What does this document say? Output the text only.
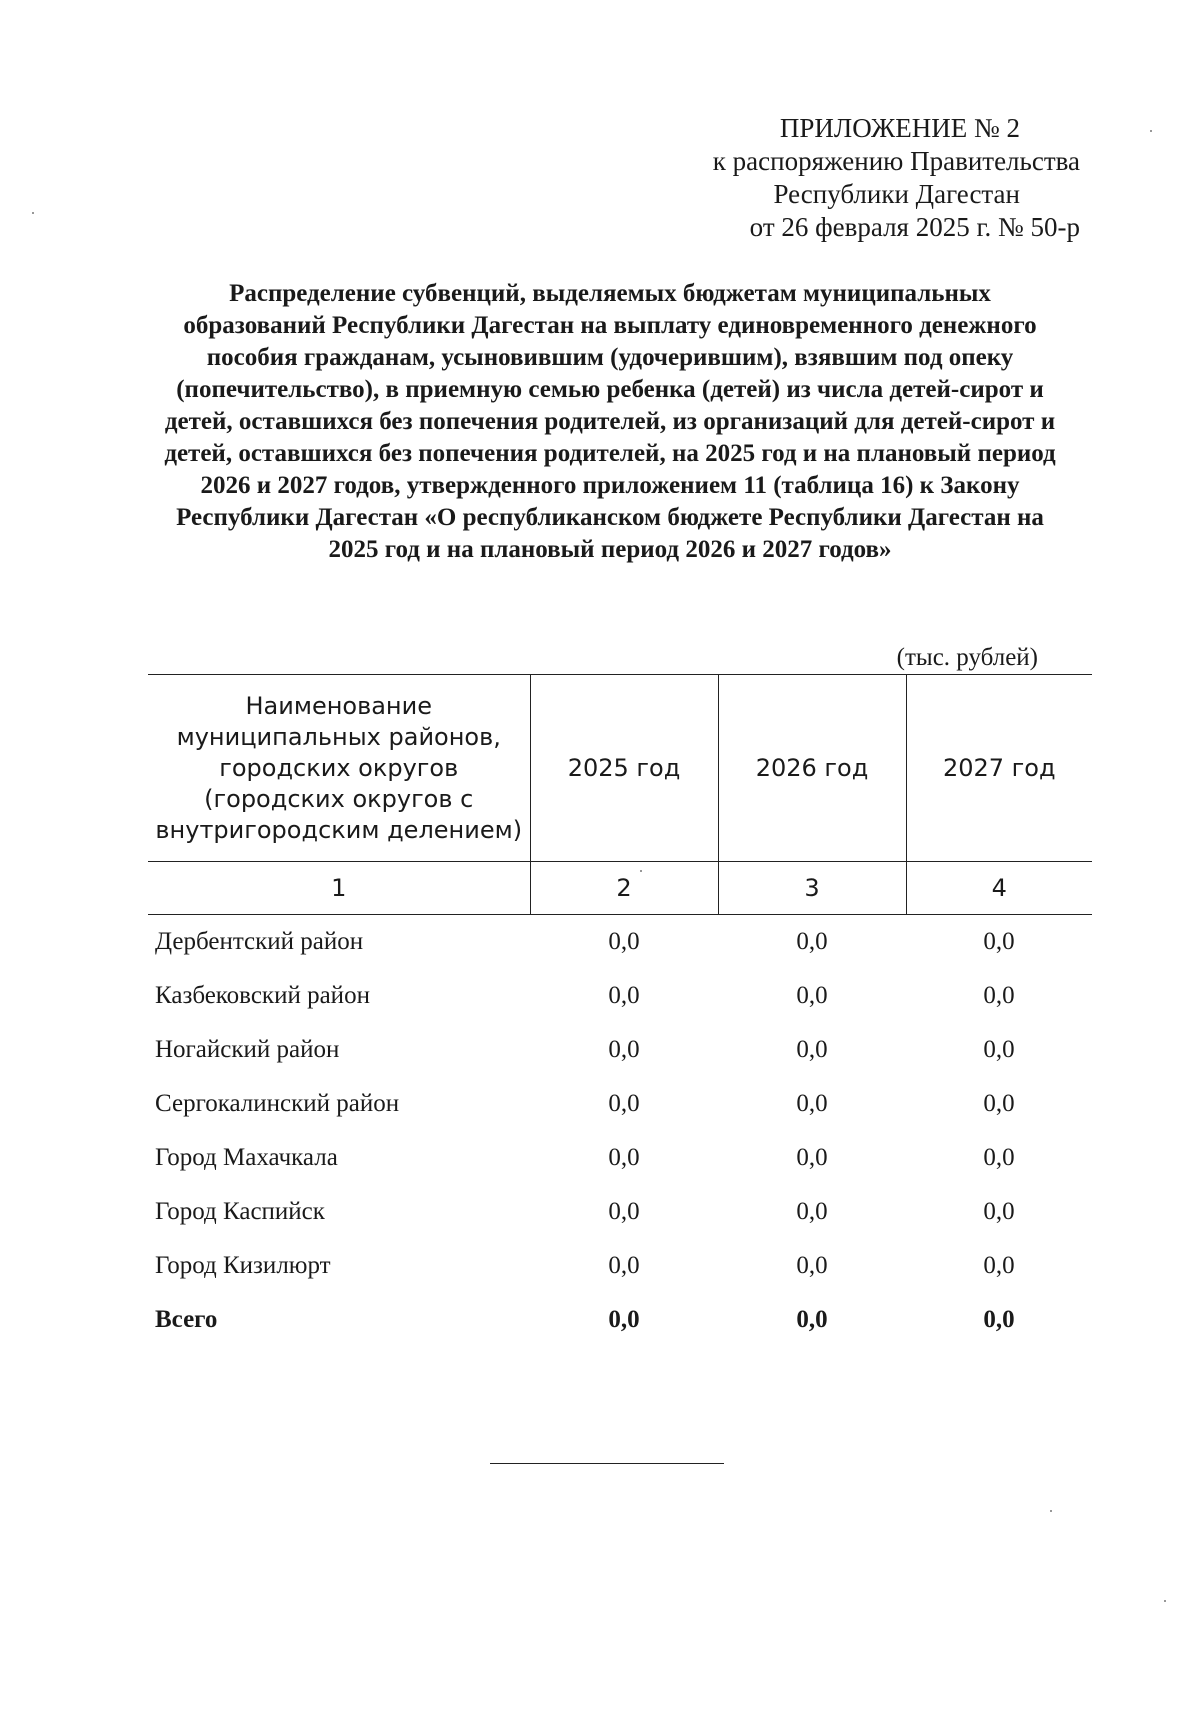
ПРИЛОЖЕНИЕ № 2
к распоряжению Правительства
Республики Дагестан
от 26 февраля 2025 г. № 50-р
Распределение субвенций, выделяемых бюджетам муниципальных образований Республики Дагестан на выплату единовременного денежного пособия гражданам, усыновившим (удочерившим), взявшим под опеку (попечительство), в приемную семью ребенка (детей) из числа детей-сирот и детей, оставшихся без попечения родителей, из организаций для детей-сирот и детей, оставшихся без попечения родителей, на 2025 год и на плановый период 2026 и 2027 годов, утвержденного приложением 11 (таблица 16) к Закону Республики Дагестан «О республиканском бюджете Республики Дагестан на 2025 год и на плановый период 2026 и 2027 годов»
(тыс. рублей)
Наименование муниципальных районов, городских округов (городских округов с внутригородским делением)	2025 год	2026 год	2027 год
1	2	3	4
Дербентский район	0,0	0,0	0,0
Казбековский район	0,0	0,0	0,0
Ногайский район	0,0	0,0	0,0
Сергокалинский район	0,0	0,0	0,0
Город Махачкала	0,0	0,0	0,0
Город Каспийск	0,0	0,0	0,0
Город Кизилюрт	0,0	0,0	0,0
Всего	0,0	0,0	0,0
